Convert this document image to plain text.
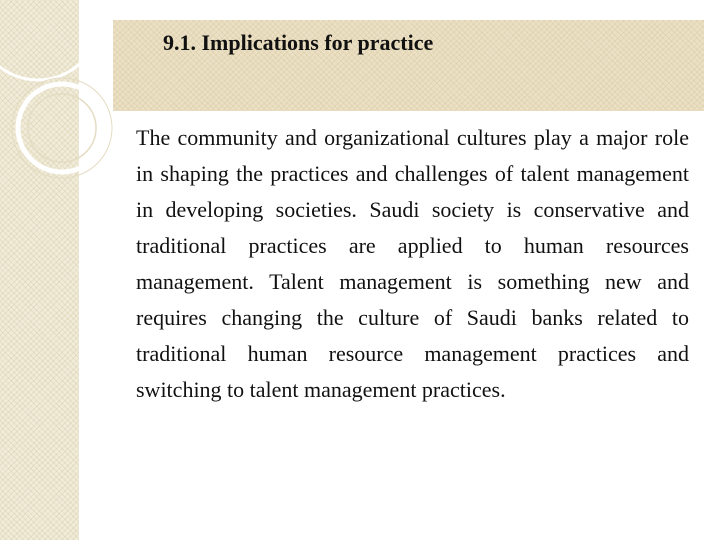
9.1. Implications for practice

The community and organizational cultures play a major role in shaping the practices and challenges of talent management in developing societies. Saudi society is conservative and traditional practices are applied to human resources management. Talent management is something new and requires changing the culture of Saudi banks related to traditional human resource management practices and switching to talent management practices.
